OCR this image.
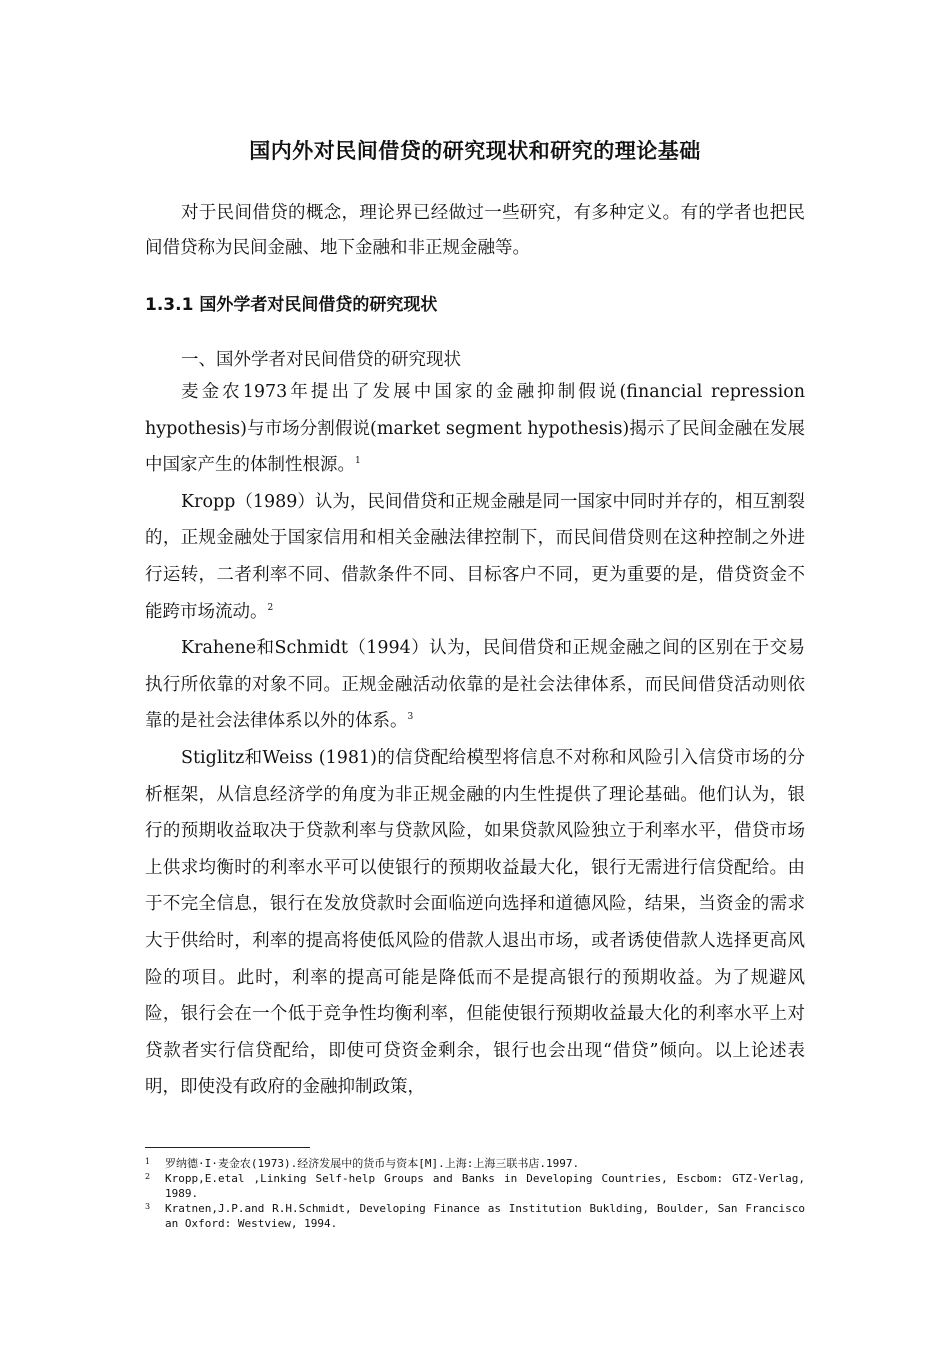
国内外对民间借贷的研究现状和研究的理论基础

对于民间借贷的概念，理论界已经做过一些研究，有多种定义。有的学者也把民间借贷称为民间金融、地下金融和非正规金融等。

1.3.1 国外学者对民间借贷的研究现状

一、国外学者对民间借贷的研究现状

麦金农1973年提出了发展中国家的金融抑制假说(financial repression hypothesis)与市场分割假说(market segment hypothesis)揭示了民间金融在发展中国家产生的体制性根源。$^1$

Kropp（1989）认为，民间借贷和正规金融是同一国家中同时并存的，相互割裂的，正规金融处于国家信用和相关金融法律控制下，而民间借贷则在这种控制之外进行运转，二者利率不同、借款条件不同、目标客户不同，更为重要的是，借贷资金不能跨市场流动。$^2$

Krahene和Schmidt（1994）认为，民间借贷和正规金融之间的区别在于交易执行所依靠的对象不同。正规金融活动依靠的是社会法律体系，而民间借贷活动则依靠的是社会法律体系以外的体系。$^3$

Stiglitz和Weiss (1981)的信贷配给模型将信息不对称和风险引入信贷市场的分析框架，从信息经济学的角度为非正规金融的内生性提供了理论基础。他们认为，银行的预期收益取决于贷款利率与贷款风险，如果贷款风险独立于利率水平，借贷市场上供求均衡时的利率水平可以使银行的预期收益最大化，银行无需进行信贷配给。由于不完全信息，银行在发放贷款时会面临逆向选择和道德风险，结果，当资金的需求大于供给时，利率的提高将使低风险的借款人退出市场，或者诱使借款人选择更高风险的项目。此时，利率的提高可能是降低而不是提高银行的预期收益。为了规避风险，银行会在一个低于竞争性均衡利率，但能使银行预期收益最大化的利率水平上对贷款者实行信贷配给，即使可贷资金剩余，银行也会出现“借贷”倾向。以上论述表明，即使没有政府的金融抑制政策，

1	罗纳德·I·麦金农(1973).经济发展中的货币与资本[M].上海:上海三联书店.1997.
2	Kropp,E.etal ,Linking Self-help Groups and Banks in Developing Countries, Escbom: GTZ-Verlag, 1989.
3	Kratnen,J.P.and R.H.Schmidt, Developing Finance as Institution Bukldi​ng, Boulder, San Francisco an Oxford: Westview, 1994.
